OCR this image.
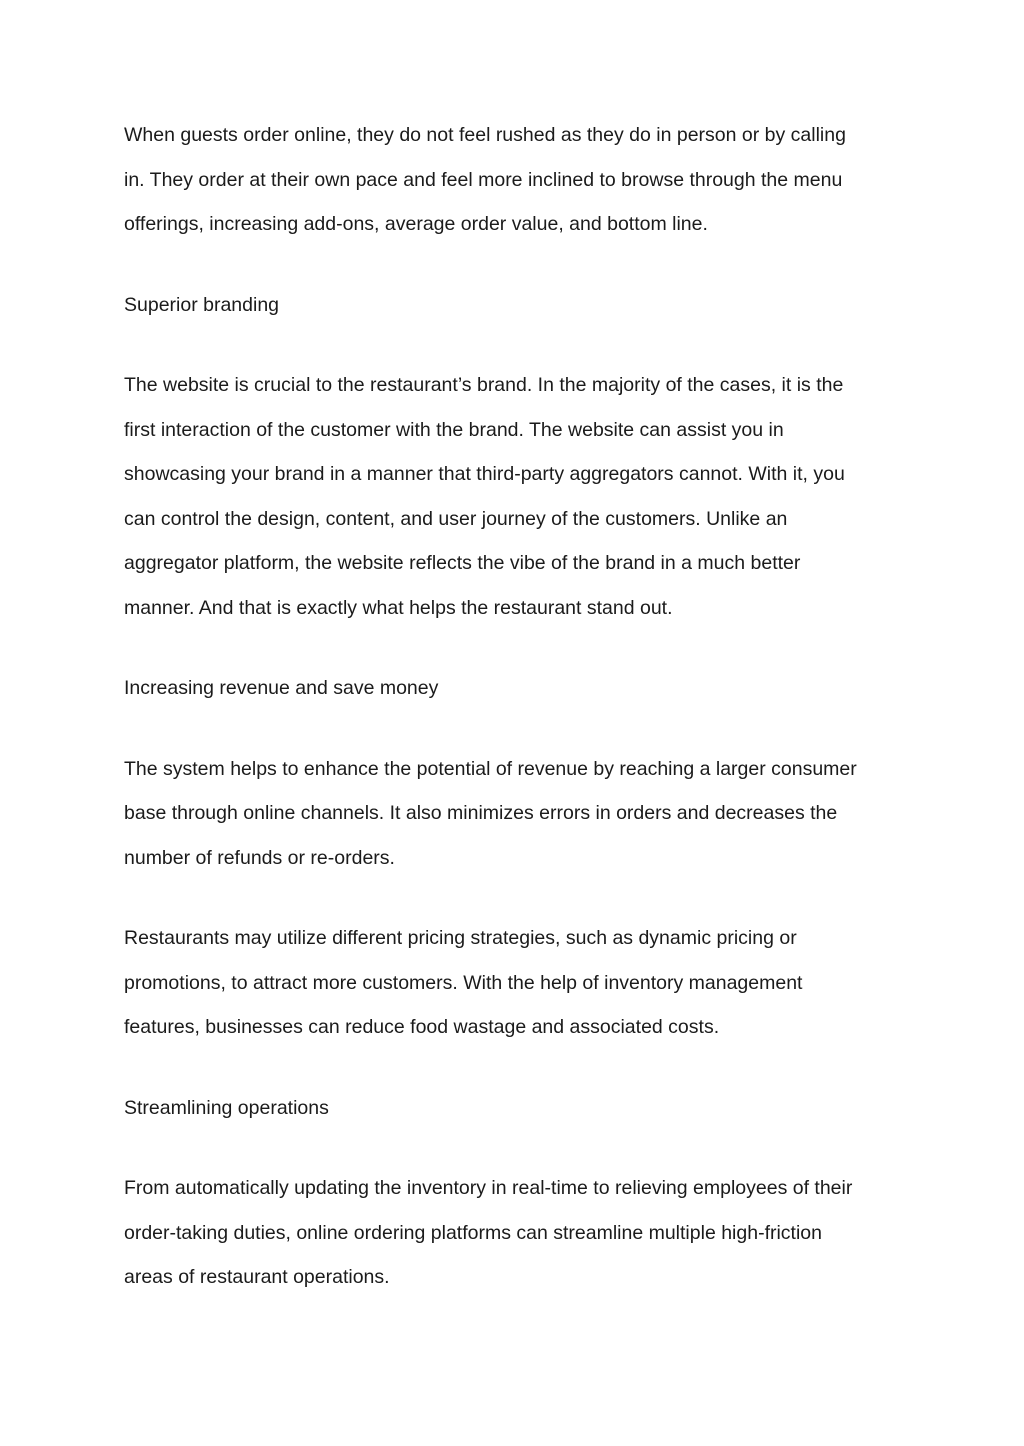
When guests order online, they do not feel rushed as they do in person or by calling
in. They order at their own pace and feel more inclined to browse through the menu
offerings, increasing add-ons, average order value, and bottom line.
Superior branding
The website is crucial to the restaurant’s brand. In the majority of the cases, it is the
first interaction of the customer with the brand. The website can assist you in
showcasing your brand in a manner that third-party aggregators cannot. With it, you
can control the design, content, and user journey of the customers. Unlike an
aggregator platform, the website reflects the vibe of the brand in a much better
manner. And that is exactly what helps the restaurant stand out.
Increasing revenue and save money
The system helps to enhance the potential of revenue by reaching a larger consumer
base through online channels. It also minimizes errors in orders and decreases the
number of refunds or re-orders.
Restaurants may utilize different pricing strategies, such as dynamic pricing or
promotions, to attract more customers. With the help of inventory management
features, businesses can reduce food wastage and associated costs.
Streamlining operations
From automatically updating the inventory in real-time to relieving employees of their
order-taking duties, online ordering platforms can streamline multiple high-friction
areas of restaurant operations.
